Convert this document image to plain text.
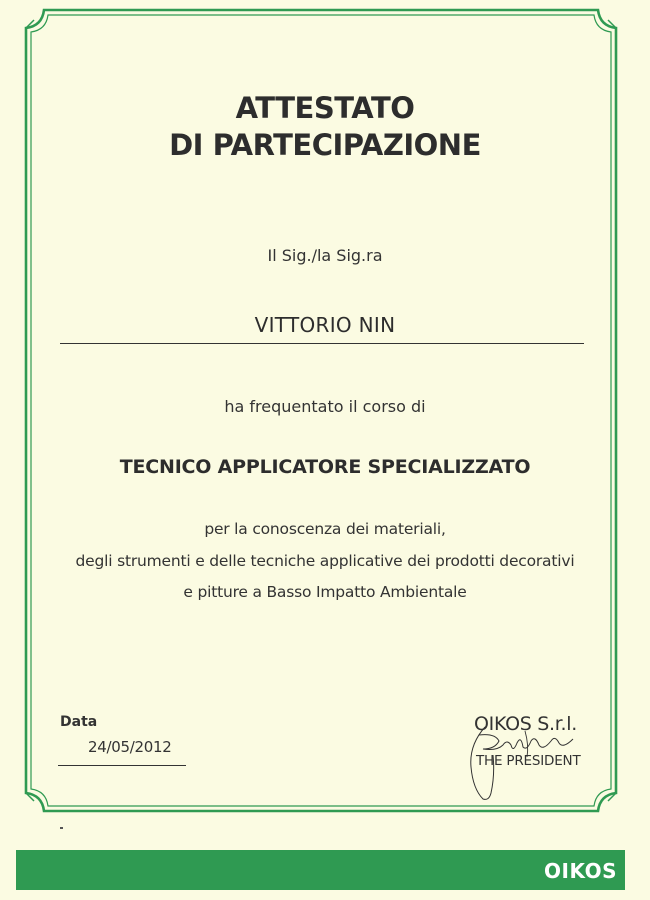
ATTESTATO
DI PARTECIPAZIONE
Il Sig./la Sig.ra
VITTORIO NIN
ha frequentato il corso di
TECNICO APPLICATORE SPECIALIZZATO
per la conoscenza dei materiali,
degli strumenti e delle tecniche applicative dei prodotti decorativi
e pitture a Basso Impatto Ambientale
Data
24/05/2012
OIKOS S.r.l.
THE PRESIDENT
OIKOS
